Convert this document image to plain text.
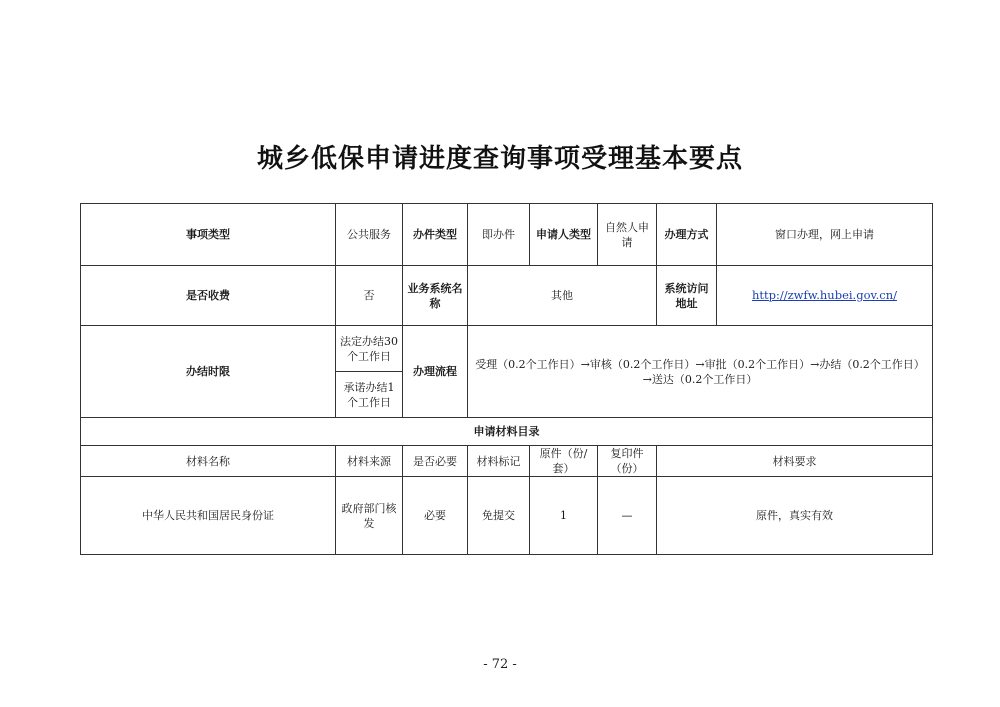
城乡低保申请进度查询事项受理基本要点
事项类型	公共服务	办件类型	即办件	申请人类型	自然人申请	办理方式	窗口办理，网上申请
是否收费	否	业务系统名称	其他			系统访问地址	http://zwfw.hubei.gov.cn/
办结时限	法定办结30个工作日	办理流程	受理（0.2个工作日）→审核（0.2个工作日）→审批（0.2个工作日）→办结（0.2个工作日）→送达（0.2个工作日）				
	承诺办结1个工作日						
申请材料目录							
材料名称	材料来源	是否必要	材料标记	原件（份/套）	复印件（份）	材料要求	
中华人民共和国居民身份证	政府部门核发	必要	免提交	1	—	原件，真实有效	
- 72 -
